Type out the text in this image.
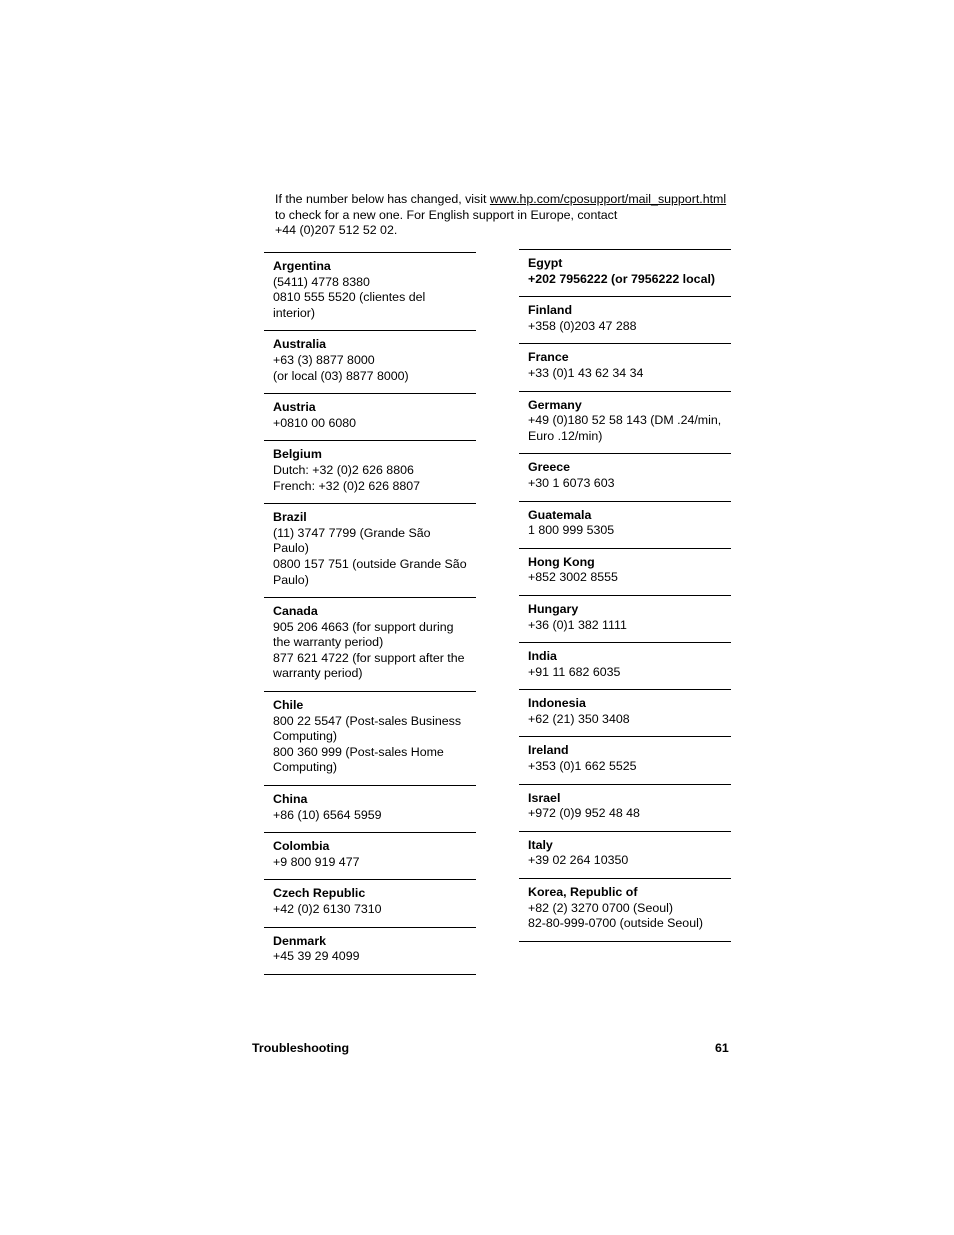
If the number below has changed, visit www.hp.com/cposupport/mail_support.html
to check for a new one. For English support in Europe, contact
+44 (0)207 512 52 02.
Argentina
(5411) 4778 8380
0810 555 5520 (clientes del
interior)
Australia
+63 (3) 8877 8000
(or local (03) 8877 8000)
Austria
+0810 00 6080
Belgium
Dutch: +32 (0)2 626 8806
French: +32 (0)2 626 8807
Brazil
(11) 3747 7799 (Grande São
Paulo)
0800 157 751 (outside Grande São
Paulo)
Canada
905 206 4663 (for support during
the warranty period)
877 621 4722 (for support after the
warranty period)
Chile
800 22 5547 (Post-sales Business
Computing)
800 360 999 (Post-sales Home
Computing)
China
+86 (10) 6564 5959
Colombia
+9 800 919 477
Czech Republic
+42 (0)2 6130 7310
Denmark
+45 39 29 4099
Egypt
+202 7956222 (or 7956222 local)
Finland
+358 (0)203 47 288
France
+33 (0)1 43 62 34 34
Germany
+49 (0)180 52 58 143 (DM .24/min,
Euro .12/min)
Greece
+30 1 6073 603
Guatemala
1 800 999 5305
Hong Kong
+852 3002 8555
Hungary
+36 (0)1 382 1111
India
+91 11 682 6035
Indonesia
+62 (21) 350 3408
Ireland
+353 (0)1 662 5525
Israel
+972 (0)9 952 48 48
Italy
+39 02 264 10350
Korea, Republic of
+82 (2) 3270 0700 (Seoul)
82-80-999-0700 (outside Seoul)
Troubleshooting	61
